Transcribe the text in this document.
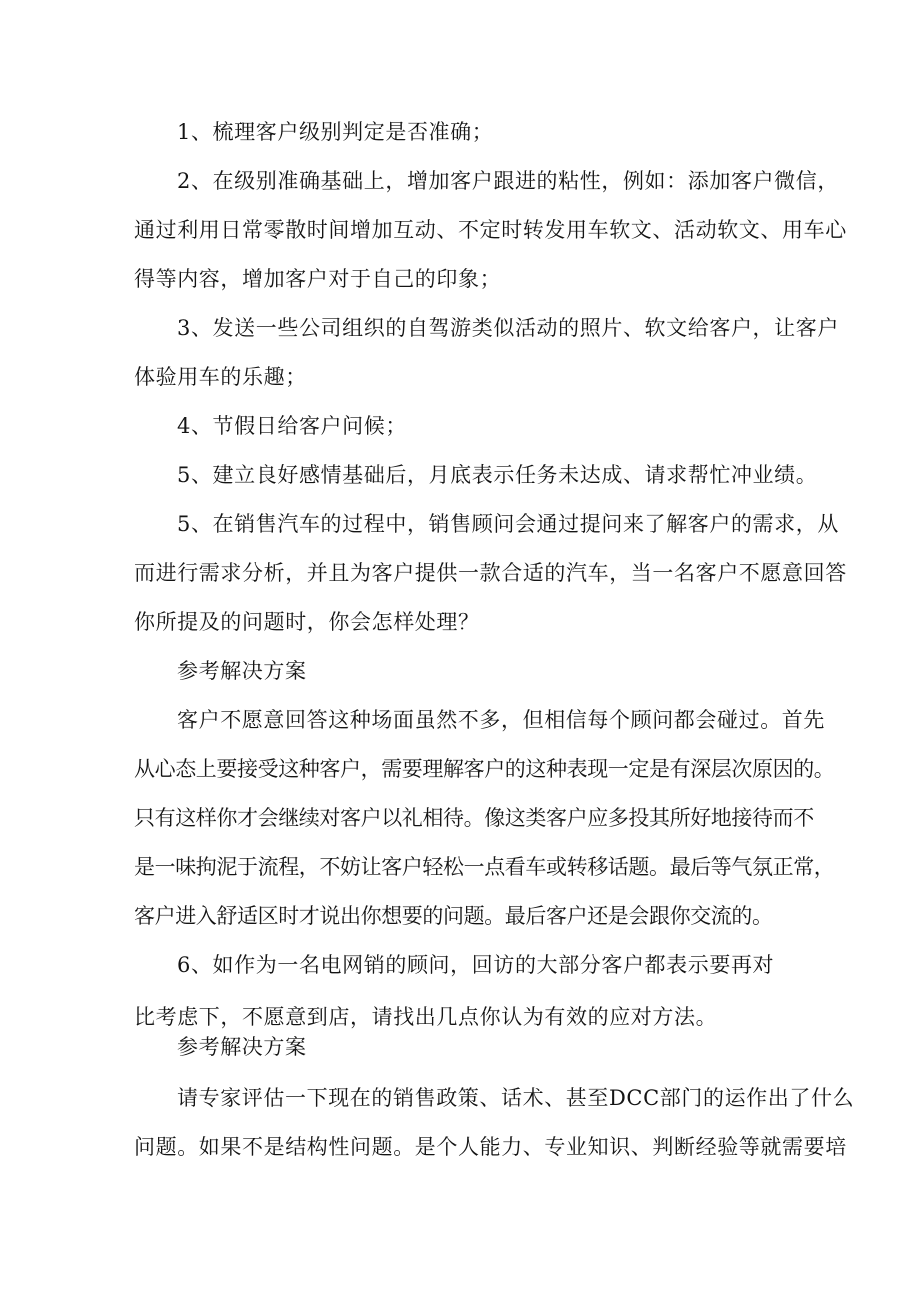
1、梳理客户级别判定是否准确；

2、在级别准确基础上，增加客户跟进的粘性，例如：添加客户微信，

通过利用日常零散时间增加互动、不定时转发用车软文、活动软文、用车心

得等内容，增加客户对于自己的印象；

3、发送一些公司组织的自驾游类似活动的照片、软文给客户，让客户

体验用车的乐趣；

4、节假日给客户问候；

5、建立良好感情基础后，月底表示任务未达成、请求帮忙冲业绩。

5、在销售汽车的过程中，销售顾问会通过提问来了解客户的需求，从

而进行需求分析，并且为客户提供一款合适的汽车，当一名客户不愿意回答

你所提及的问题时，你会怎样处理？

参考解决方案

客户不愿意回答这种场面虽然不多，但相信每个顾问都会碰过。首先

从心态上要接受这种客户，需要理解客户的这种表现一定是有深层次原因的。

只有这样你才会继续对客户以礼相待。像这类客户应多投其所好地接待而不

是一味拘泥于流程，不妨让客户轻松一点看车或转移话题。最后等气氛正常，

客户进入舒适区时才说出你想要的问题。最后客户还是会跟你交流的。

6、如作为一名电网销的顾问，回访的大部分客户都表示要再对

比考虑下，不愿意到店，请找出几点你认为有效的应对方法。

参考解决方案

请专家评估一下现在的销售政策、话术、甚至DCC部门的运作出了什么

问题。如果不是结构性问题。是个人能力、专业知识、判断经验等就需要培
